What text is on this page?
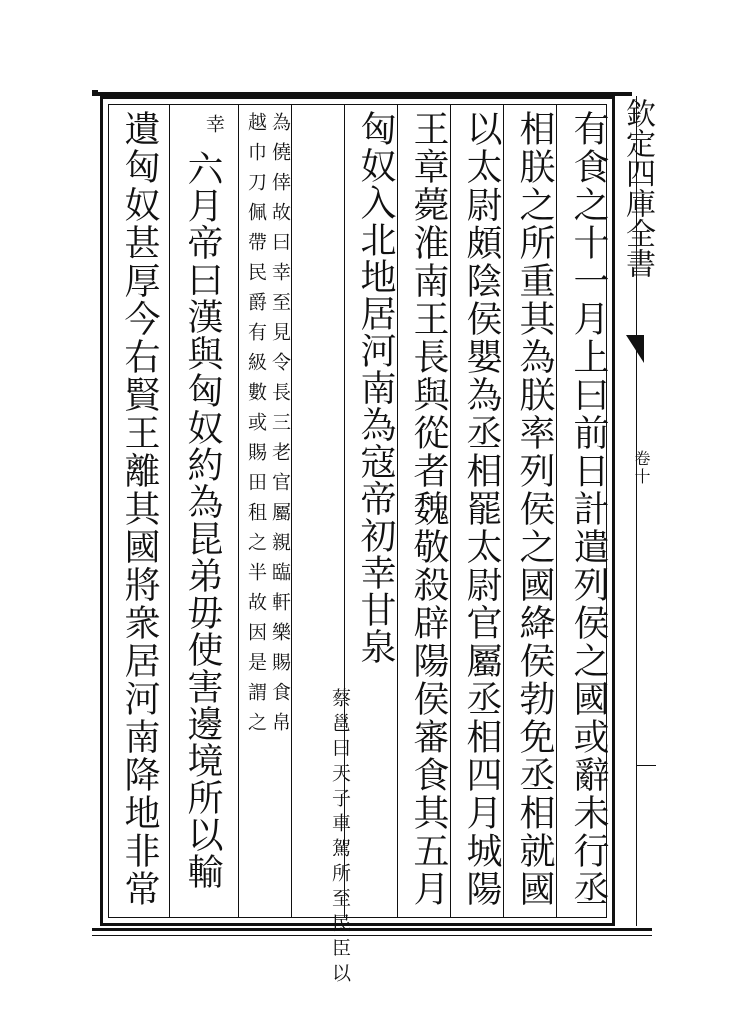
欽定四庫全書
卷十
有食之十一月上曰前日計遣列侯之國或辭未行丞
相朕之所重其為朕率列侯之國絳侯勃免丞相就國
以太尉頗陰侯嬰為丞相罷太尉官屬丞相四月城陽
王章薨淮南王長與從者魏敬殺辟陽侯審食其五月
匈奴入北地居河南為寇帝初幸甘泉
蔡邕曰天子車駕所至民臣以
為僥倖故曰幸至見令長三老官屬親臨軒樂賜食帛
越巾刀佩帶民爵有級數或賜田租之半故因是謂之
幸
六月帝曰漢與匈奴約為昆弟毋使害邊境所以輸
遺匈奴甚厚今右賢王離其國將衆居河南降地非常
